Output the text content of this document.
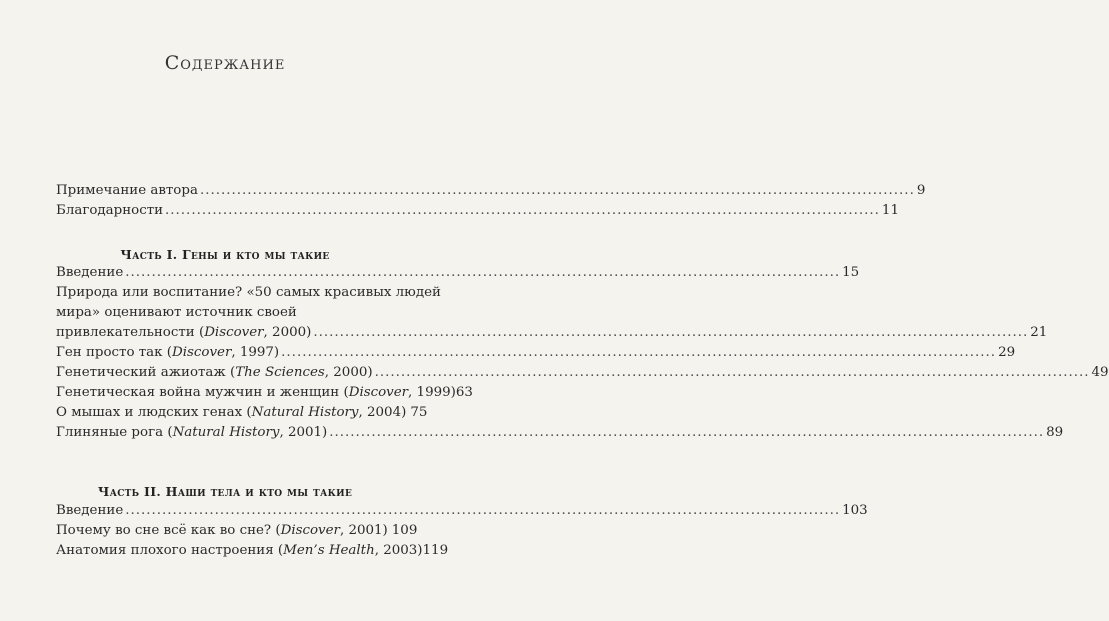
Содержание
Примечание автора .....	9
Благодарности .....	11
Часть I. Гены и кто мы такие
Введение .....	15
Природа или воспитание? «50 самых красивых людей
мира» оценивают источник своей
привлекательности (Discover, 2000) .....	21
Ген просто так (Discover, 1997) .....	29
Генетический ажиотаж (The Sciences, 2000) .....	49
Генетическая война мужчин и женщин (Discover, 1999) 63
О мышах и людских генах (Natural History, 2004) 75
Глиняные рога (Natural History, 2001) .....	89
Часть II. Наши тела и кто мы такие
Введение .....	103
Почему во сне всё как во сне? (Discover, 2001) 109
Анатомия плохого настроения (Men’s Health, 2003) 119
